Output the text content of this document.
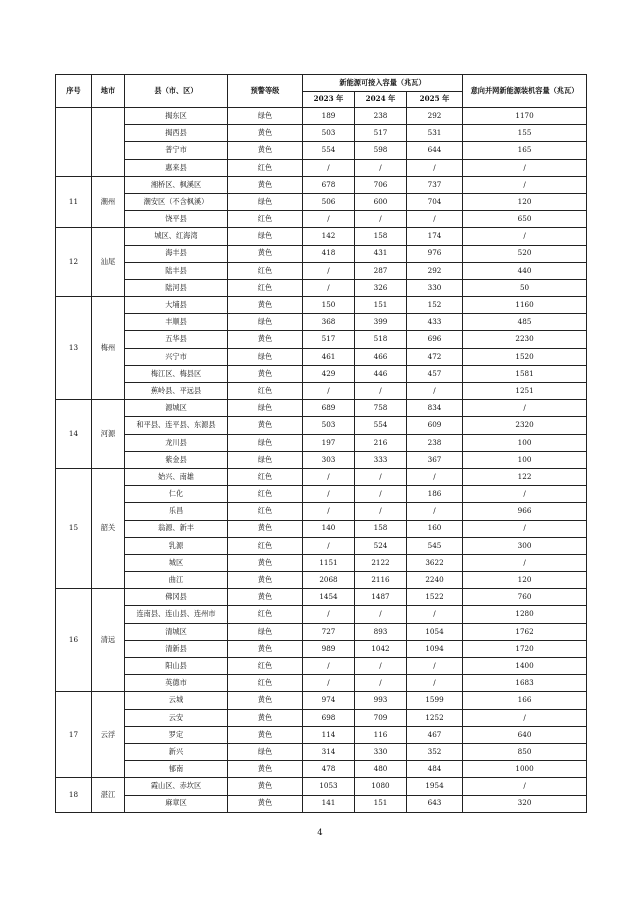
序号	地市	县（市、区）	预警等级	新能源可接入容量（兆瓦）			意向并网新能源装机容量（兆瓦）
				2023 年	2024 年	2025 年	
		揭东区	绿色	189	238	292	1170
		揭西县	黄色	503	517	531	155
		普宁市	黄色	554	598	644	165
		惠来县	红色	/	/	/	/
11	潮州	湘桥区、枫溪区	黄色	678	706	737	/
		潮安区（不含枫溪）	绿色	506	600	704	120
		饶平县	红色	/	/	/	650
12	汕尾	城区、红海湾	绿色	142	158	174	/
		海丰县	黄色	418	431	976	520
		陆丰县	红色	/	287	292	440
		陆河县	红色	/	326	330	50
13	梅州	大埔县	黄色	150	151	152	1160
		丰顺县	绿色	368	399	433	485
		五华县	黄色	517	518	696	2230
		兴宁市	绿色	461	466	472	1520
		梅江区、梅县区	黄色	429	446	457	1581
		蕉岭县、平远县	红色	/	/	/	1251
14	河源	源城区	绿色	689	758	834	/
		和平县、连平县、东源县	黄色	503	554	609	2320
		龙川县	绿色	197	216	238	100
		紫金县	绿色	303	333	367	100
15	韶关	始兴、南雄	红色	/	/	/	122
		仁化	红色	/	/	186	/
		乐昌	红色	/	/	/	966
		翁源、新丰	黄色	140	158	160	/
		乳源	红色	/	524	545	300
		城区	黄色	1151	2122	3622	/
		曲江	黄色	2068	2116	2240	120
16	清远	佛冈县	黄色	1454	1487	1522	760
		连南县、连山县、连州市	红色	/	/	/	1280
		清城区	绿色	727	893	1054	1762
		清新县	黄色	989	1042	1094	1720
		阳山县	红色	/	/	/	1400
		英德市	红色	/	/	/	1683
17	云浮	云城	黄色	974	993	1599	166
		云安	黄色	698	709	1252	/
		罗定	黄色	114	116	467	640
		新兴	绿色	314	330	352	850
		郁南	黄色	478	480	484	1000
18	湛江	霞山区、赤坎区	黄色	1053	1080	1954	/
		麻章区	黄色	141	151	643	320
4
